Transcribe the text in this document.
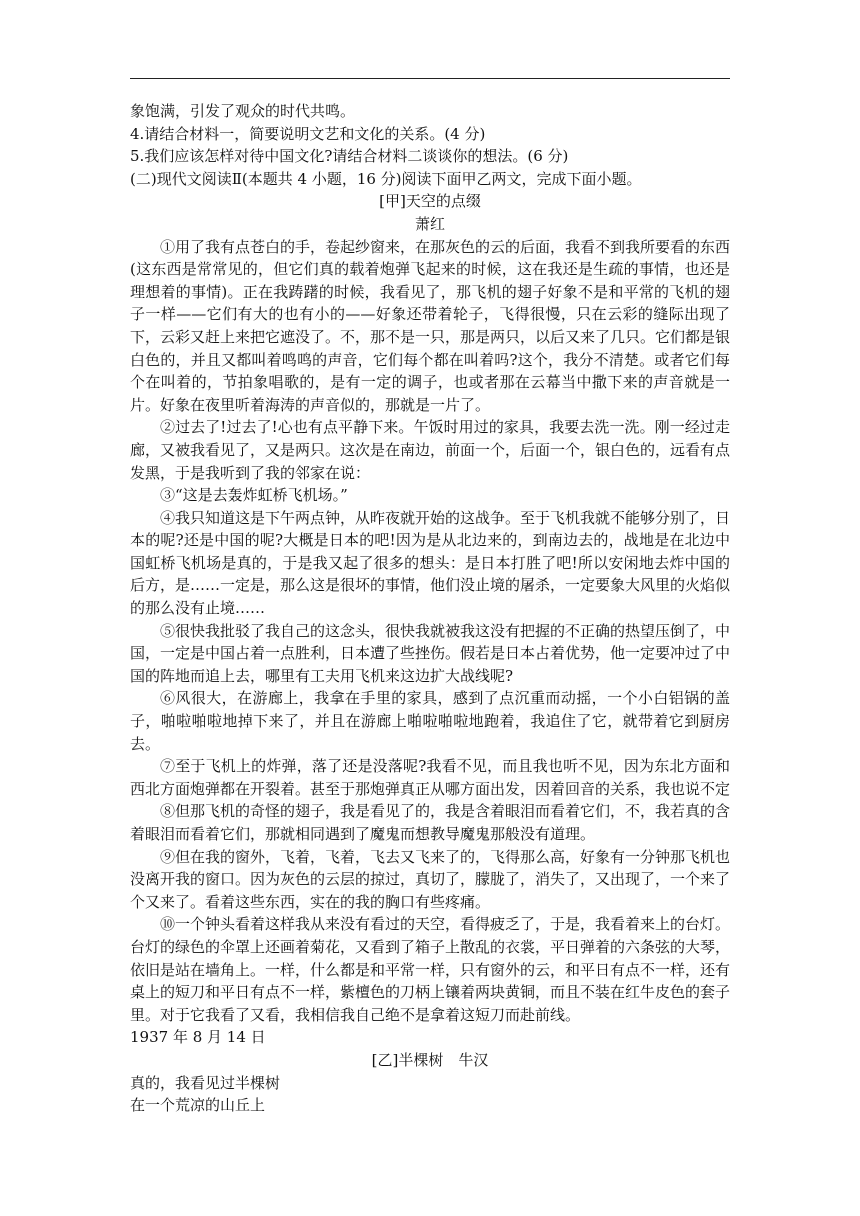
象饱满，引发了观众的时代共鸣。
4.请结合材料一，简要说明文艺和文化的关系。(4 分)
5.我们应该怎样对待中国文化?请结合材料二谈谈你的想法。(6 分)
(二)现代文阅读Ⅱ(本题共 4 小题，16 分)阅读下面甲乙两文，完成下面小题。
[甲]天空的点缀
萧红
①用了我有点苍白的手，卷起纱窗来，在那灰色的云的后面，我看不到我所要看的东西(这东西是常常见的，但它们真的载着炮弹飞起来的时候，这在我还是生疏的事情，也还是理想着的事情)。正在我踌躇的时候，我看见了，那飞机的翅子好象不是和平常的飞机的翅子一样——它们有大的也有小的——好象还带着轮子，飞得很慢，只在云彩的缝际出现了下，云彩又赶上来把它遮没了。不，那不是一只，那是两只，以后又来了几只。它们都是银白色的，并且又都叫着鸣鸣的声音，它们每个都在叫着吗?这个，我分不清楚。或者它们每个在叫着的，节拍象唱歌的，是有一定的调子，也或者那在云幕当中撒下来的声音就是一片。好象在夜里听着海涛的声音似的，那就是一片了。
②过去了!过去了!心也有点平静下来。午饭时用过的家具，我要去洗一洗。刚一经过走廊，又被我看见了，又是两只。这次是在南边，前面一个，后面一个，银白色的，远看有点发黑，于是我听到了我的邻家在说：
③“这是去轰炸虹桥飞机场。”
④我只知道这是下午两点钟，从昨夜就开始的这战争。至于飞机我就不能够分别了，日本的呢?还是中国的呢?大概是日本的吧!因为是从北边来的，到南边去的，战地是在北边中国虹桥飞机场是真的，于是我又起了很多的想头：是日本打胜了吧!所以安闲地去炸中国的后方，是……一定是，那么这是很坏的事情，他们没止境的屠杀，一定要象大风里的火焰似的那么没有止境……
⑤很快我批驳了我自己的这念头，很快我就被我这没有把握的不正确的热望压倒了，中国，一定是中国占着一点胜利，日本遭了些挫伤。假若是日本占着优势，他一定要冲过了中国的阵地而追上去，哪里有工夫用飞机来这边扩大战线呢?
⑥风很大，在游廊上，我拿在手里的家具，感到了点沉重而动摇，一个小白铝锅的盖子，啪啦啪啦地掉下来了，并且在游廊上啪啦啪啦地跑着，我追住了它，就带着它到厨房去。
⑦至于飞机上的炸弹，落了还是没落呢?我看不见，而且我也听不见，因为东北方面和西北方面炮弹都在开裂着。甚至于那炮弹真正从哪方面出发，因着回音的关系，我也说不定
⑧但那飞机的奇怪的翅子，我是看见了的，我是含着眼泪而看着它们，不，我若真的含着眼泪而看着它们，那就相同遇到了魔鬼而想教导魔鬼那般没有道理。
⑨但在我的窗外，飞着，飞着，飞去又飞来了的，飞得那么高，好象有一分钟那飞机也没离开我的窗口。因为灰色的云层的掠过，真切了，朦胧了，消失了，又出现了，一个来了个又来了。看着这些东西，实在的我的胸口有些疼痛。
⑩一个钟头看着这样我从来没有看过的天空，看得疲乏了，于是，我看着来上的台灯。台灯的绿色的伞罩上还画着菊花，又看到了箱子上散乱的衣裳，平日弹着的六条弦的大琴，依旧是站在墙角上。一样，什么都是和平常一样，只有窗外的云，和平日有点不一样，还有桌上的短刀和平日有点不一样，紫檀色的刀柄上镶着两块黄铜，而且不装在红牛皮色的套子里。对于它我看了又看，我相信我自己绝不是拿着这短刀而赴前线。
1937 年 8 月 14 日
[乙]半棵树　牛汉
真的，我看见过半棵树
在一个荒凉的山丘上
